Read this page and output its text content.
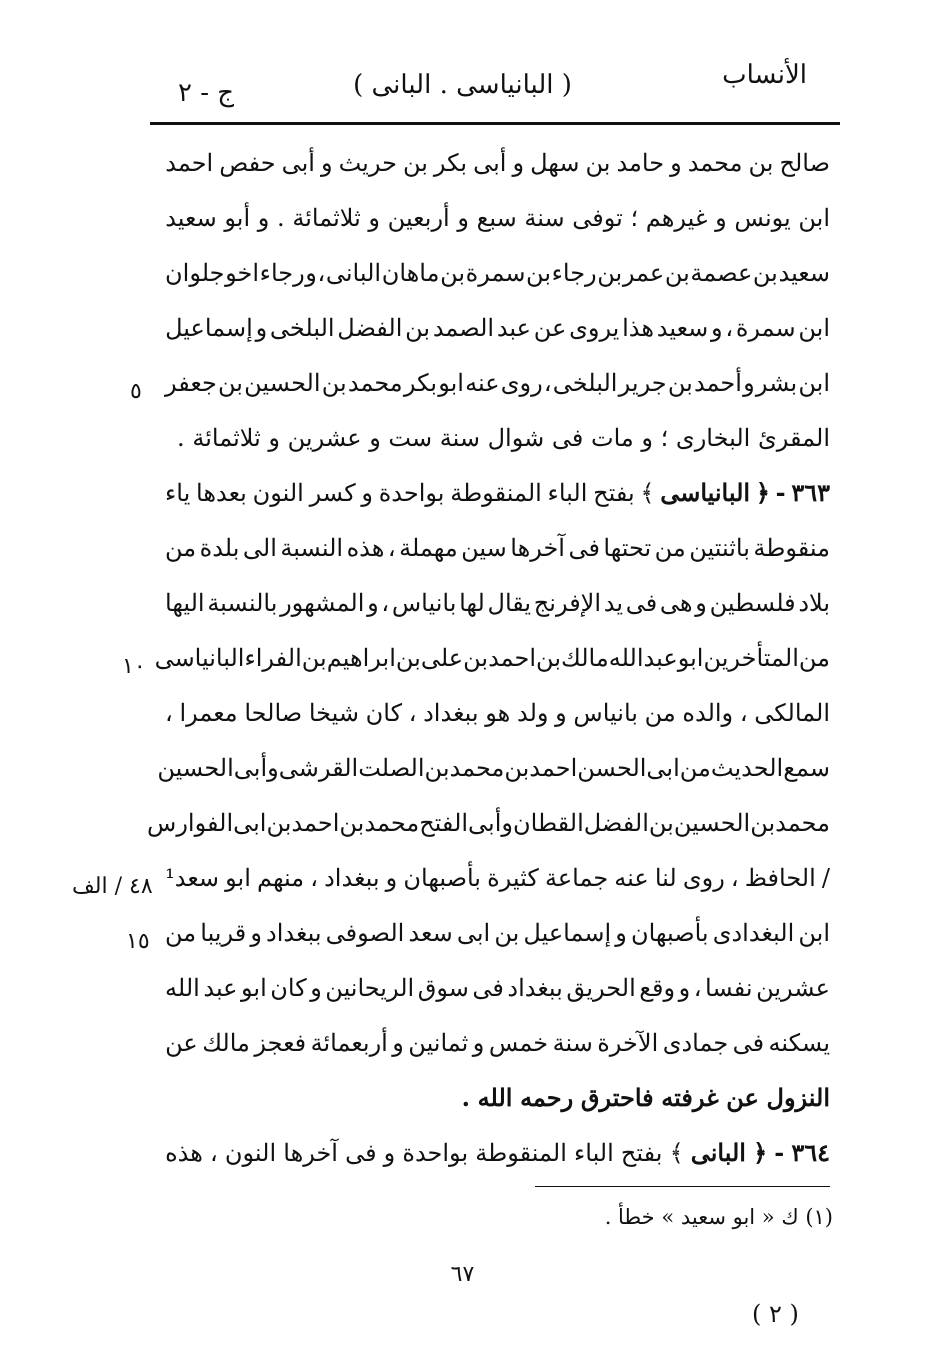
الأنساب
( البانياسى . البانى )
ج - ٢
صالح
بن
محمد
و
حامد
بن
سهل
و
أبى
بكر
بن
حريث
و
أبى
حفص
احمد
ابن
يونس
و
غيرهم
؛
توفى
سنة
سبع
و
أربعين
و
ثلاثمائة
.
و
أبو
سعيد
سعيد
بن
عصمة
بن
عمر
بن
رجاء
بن
سمرة
بن
ماهان
البانى
،
و
رجاء
اخو
جلوان
ابن
سمرة
،
و
سعيد
هذا
يروى
عن
عبد
الصمد
بن
الفضل
البلخى
و
إسماعيل
ابن
بشر
و
أحمد
بن
جرير
البلخى
،
روى
عنه
ابو
بكر
محمد
بن
الحسين
بن
جعفر
المقرئ

البخارى

؛

و

مات

فى

شوال

سنة

ست

و

عشرين

و

ثلاثمائة

.
٣٦٣
-
﴿
البانياسى
﴾
بفتح
الباء
المنقوطة
بواحدة
و
كسر
النون
بعدها
ياء
منقوطة
باثنتين
من
تحتها
فى
آخرها
سين
مهملة
،
هذه
النسبة
الى
بلدة
من
بلاد
فلسطين
و
هى
فى
يد
الإفرنج
يقال
لها
بانياس
،
و
المشهور
بالنسبة
اليها
من
المتأخرين
ابو
عبد
الله
مالك
بن
احمد
بن
على
بن
ابراهيم
بن
الفراء
البانياسى
المالكى
،
والده
من
بانياس
و
ولد
هو
ببغداد
،
كان
شيخا
صالحا
معمرا
،
سمع
الحديث
من
ابى
الحسن
احمد
بن
محمد
بن
الصلت
القرشى
و
أبى
الحسين
محمد
بن
الحسين
بن
الفضل
القطان
و
أبى
الفتح
محمد
بن
احمد
بن
ابى
الفوارس
/
الحافظ
،
روى
لنا
عنه
جماعة
كثيرة
بأصبهان
و
ببغداد
،
منهم
ابو
سعد¹
ابن
البغدادى
بأصبهان
و
إسماعيل
بن
ابى
سعد
الصوفى
ببغداد
و
قريبا
من
عشرين
نفسا
،
و
وقع
الحريق
ببغداد
فى
سوق
الريحانين
و
كان
ابو
عبد
الله
يسكنه
فى
جمادى
الآخرة
سنة
خمس
و
ثمانين
و
أربعمائة
فعجز
مالك
عن
النزول

عن

غرفته

فاحترق

رحمه

الله

.
٣٦٤
-
﴿
البانى
﴾
بفتح
الباء
المنقوطة
بواحدة
و
فى
آخرها
النون
،
هذه
٥
١٠
٤٨ / الف
١٥
(١) ك « ابو سعيد » خطأ .
٦٧
( ٢ )
